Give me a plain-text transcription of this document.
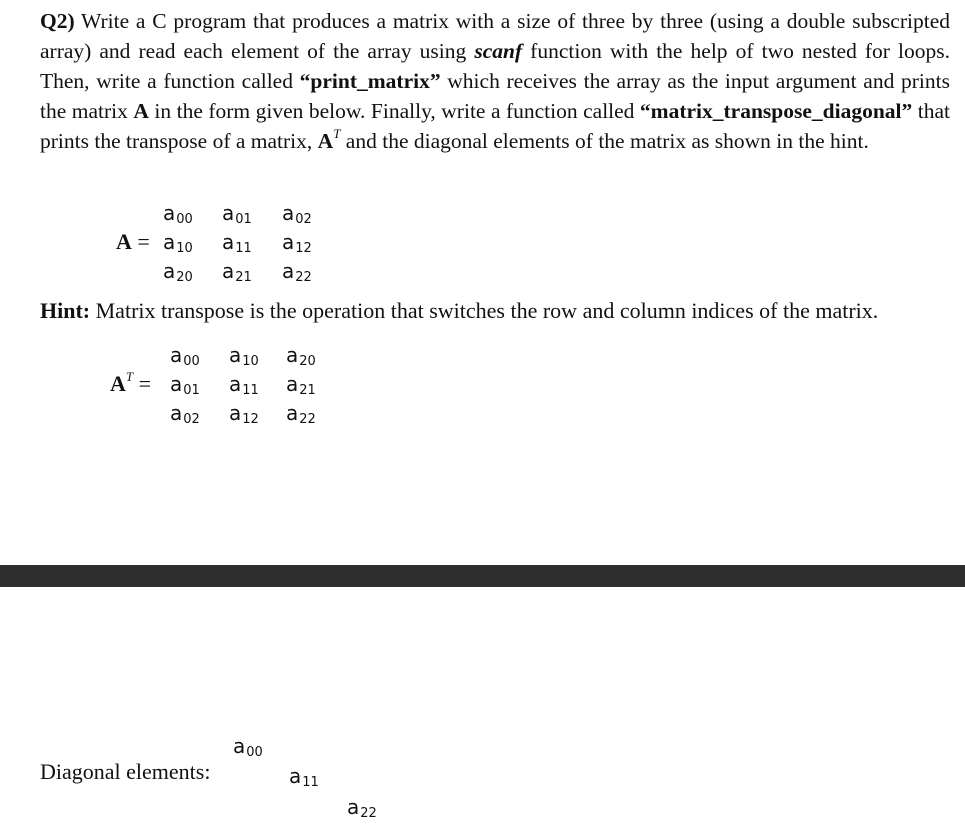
Q2) Write a C program that produces a matrix with a size of three by three (using a double subscripted array) and read each element of the array using scanf function with the help of two nested for loops. Then, write a function called “print_matrix” which receives the array as the input argument and prints the matrix A in the form given below. Finally, write a function called “matrix_transpose_diagonal” that prints the transpose of a matrix, $A^T$ and the diagonal elements of the matrix as shown in the hint.
A =
$a_{00}$ $a_{01}$ $a_{02}$
$a_{10}$ $a_{11}$ $a_{12}$
$a_{20}$ $a_{21}$ $a_{22}$
Hint: Matrix transpose is the operation that switches the row and column indices of the matrix.
$A^T$ =
$a_{00}$ $a_{10}$ $a_{20}$
$a_{01}$ $a_{11}$ $a_{21}$
$a_{02}$ $a_{12}$ $a_{22}$
Diagonal elements:
$a_{00}$
$a_{11}$
$a_{22}$
